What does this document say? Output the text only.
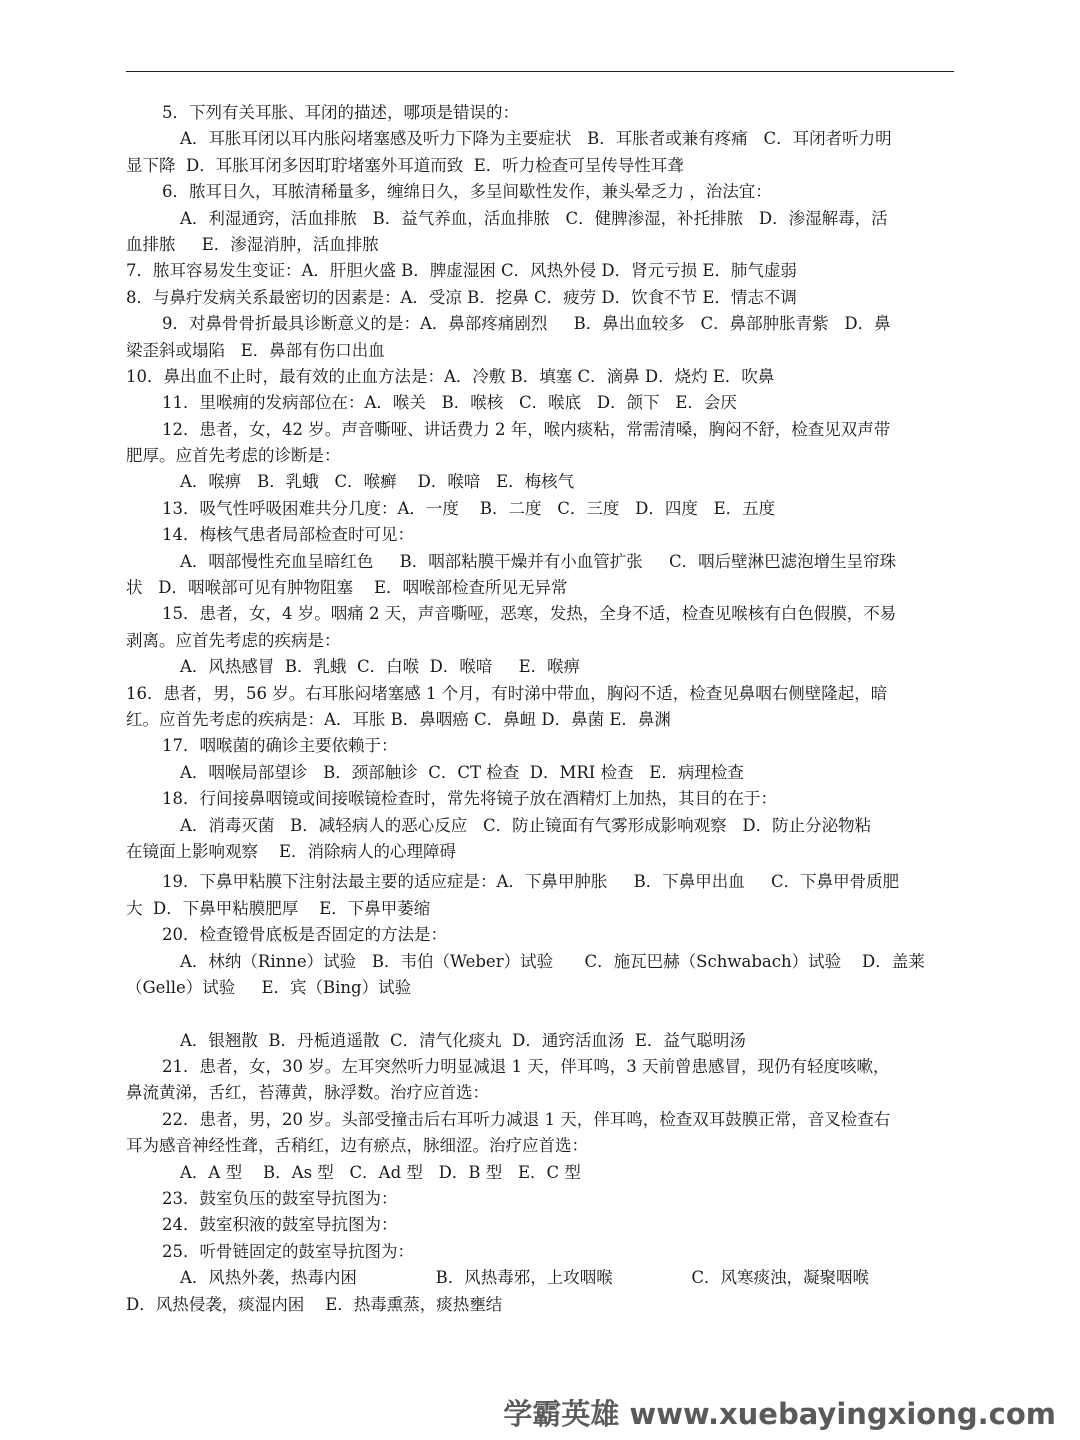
5．下列有关耳胀、耳闭的描述，哪项是错误的：
A．耳胀耳闭以耳内胀闷堵塞感及听力下降为主要症状   B．耳胀者或兼有疼痛   C．耳闭者听力明
显下降  D．耳胀耳闭多因耵聍堵塞外耳道而致  E．听力检查可呈传导性耳聋
6．脓耳日久，耳脓清稀量多，缠绵日久，多呈间歇性发作，兼头晕乏力 ，治法宜：
A．利湿通窍，活血排脓   B．益气养血，活血排脓   C．健脾渗湿，补托排脓   D．渗湿解毒，活
血排脓     E．渗湿消肿，活血排脓
7．脓耳容易发生变证：A．肝胆火盛 B．脾虚湿困 C．风热外侵 D．肾元亏损 E．肺气虚弱
8．与鼻疔发病关系最密切的因素是：A．受凉 B．挖鼻 C．疲劳 D．饮食不节 E．情志不调
9．对鼻骨骨折最具诊断意义的是：A．鼻部疼痛剧烈     B．鼻出血较多   C．鼻部肿胀青紫   D．鼻
梁歪斜或塌陷   E．鼻部有伤口出血
10．鼻出血不止时，最有效的止血方法是：A．冷敷 B．填塞 C．滴鼻 D．烧灼 E．吹鼻
11．里喉痈的发病部位在：A．喉关   B．喉核   C．喉底   D．颌下   E．会厌
12．患者，女，42 岁。声音嘶哑、讲话费力 2 年，喉内痰粘，常需清嗓，胸闷不舒，检查见双声带
肥厚。应首先考虑的诊断是：
A．喉痹   B．乳蛾   C．喉癣    D．喉喑   E．梅核气
13．吸气性呼吸困难共分几度：A．一度    B．二度   C．三度   D．四度   E．五度
14．梅核气患者局部检查时可见：
A．咽部慢性充血呈暗红色     B．咽部粘膜干燥并有小血管扩张     C．咽后壁淋巴滤泡增生呈帘珠
状   D．咽喉部可见有肿物阻塞    E．咽喉部检查所见无异常
15．患者，女，4 岁。咽痛 2 天，声音嘶哑，恶寒，发热，全身不适，检查见喉核有白色假膜，不易
剥离。应首先考虑的疾病是：
A．风热感冒  B．乳蛾  C．白喉  D．喉喑     E．喉痹
16．患者，男，56 岁。右耳胀闷堵塞感 1 个月，有时涕中带血，胸闷不适，检查见鼻咽右侧壁隆起，暗
红。应首先考虑的疾病是：A．耳胀 B．鼻咽癌 C．鼻衄 D．鼻菌 E．鼻渊
17．咽喉菌的确诊主要依赖于：
A．咽喉局部望诊   B．颈部触诊  C．CT 检查  D．MRI 检查   E．病理检查
18．行间接鼻咽镜或间接喉镜检查时，常先将镜子放在酒精灯上加热，其目的在于：
A．消毒灭菌   B．减轻病人的恶心反应   C．防止镜面有气雾形成影响观察   D．防止分泌物粘
在镜面上影响观察    E．消除病人的心理障碍
19．下鼻甲粘膜下注射法最主要的适应症是：A．下鼻甲肿胀     B．下鼻甲出血     C．下鼻甲骨质肥
大  D．下鼻甲粘膜肥厚    E．下鼻甲萎缩
20．检查镫骨底板是否固定的方法是：
A．林纳（Rinne）试验   B．韦伯（Weber）试验      C．施瓦巴赫（Schwabach）试验    D．盖莱
（Gelle）试验     E．宾（Bing）试验
A．银翘散  B．丹栀逍遥散  C．清气化痰丸  D．通窍活血汤  E．益气聪明汤
21．患者，女，30 岁。左耳突然听力明显减退 1 天，伴耳鸣，3 天前曾患感冒，现仍有轻度咳嗽，
鼻流黄涕，舌红，苔薄黄，脉浮数。治疗应首选：
22．患者，男，20 岁。头部受撞击后右耳听力减退 1 天，伴耳鸣，检查双耳鼓膜正常，音叉检查右
耳为感音神经性聋，舌稍红，边有瘀点，脉细涩。治疗应首选：
A．A 型    B．As 型   C．Ad 型   D．B 型   E．C 型
23．鼓室负压的鼓室导抗图为：
24．鼓室积液的鼓室导抗图为：
25．听骨链固定的鼓室导抗图为：
A．风热外袭，热毒内困               B．风热毒邪，上攻咽喉               C．风寒痰浊，凝聚咽喉
D．风热侵袭，痰湿内困    E．热毒熏蒸，痰热壅结
学霸英雄 www.xuebayingxiong.com
